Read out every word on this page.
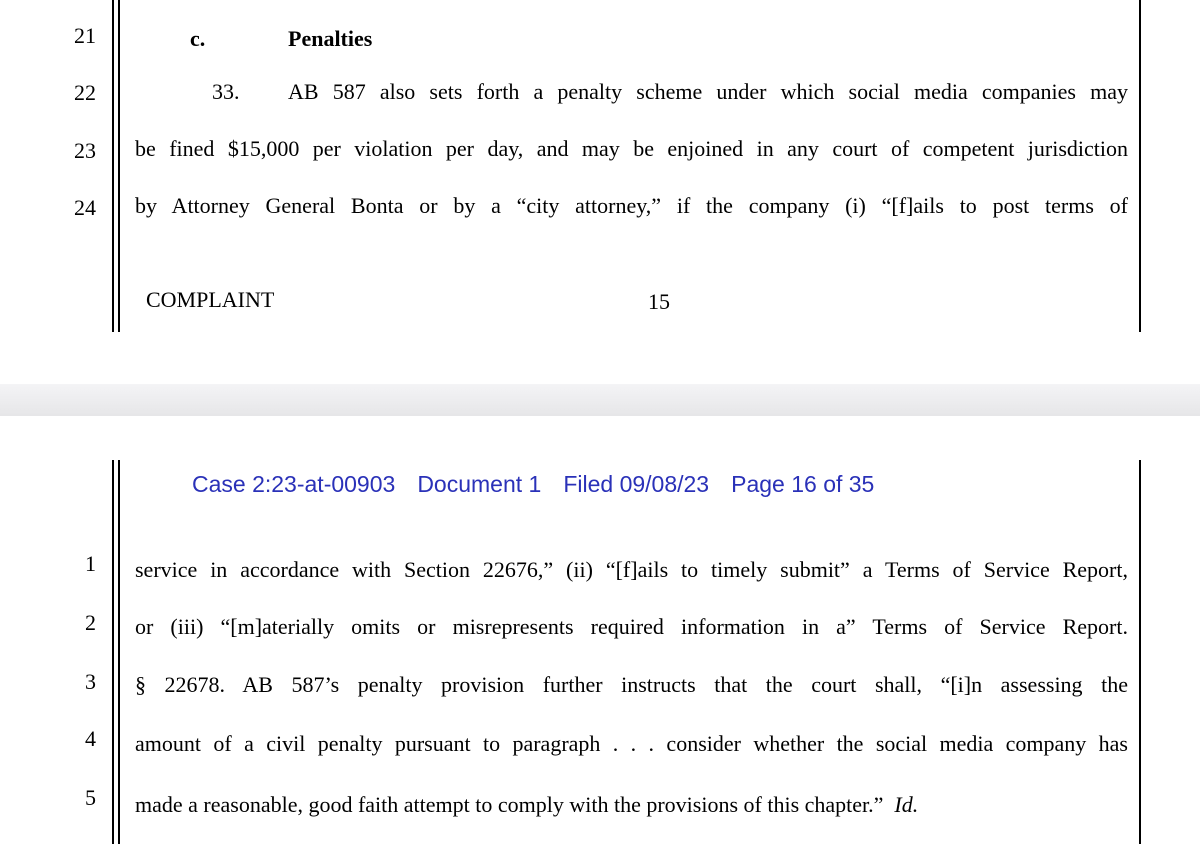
21
22
23
24
c.	Penalties
33. AB 587 also sets forth a penalty scheme under which social media companies may
be fined $15,000 per violation per day, and may be enjoined in any court of competent jurisdiction
by Attorney General Bonta or by a “city attorney,” if the company (i) “[f]ails to post terms of
COMPLAINT	15
Case 2:23-at-00903 Document 1 Filed 09/08/23 Page 16 of 35
1
2
3
4
5
service in accordance with Section 22676,” (ii) “[f]ails to timely submit” a Terms of Service Report,
or (iii) “[m]aterially omits or misrepresents required information in a” Terms of Service Report.
§ 22678. AB 587’s penalty provision further instructs that the court shall, “[i]n assessing the
amount of a civil penalty pursuant to paragraph . . . consider whether the social media company has
made a reasonable, good faith attempt to comply with the provisions of this chapter.” Id.
